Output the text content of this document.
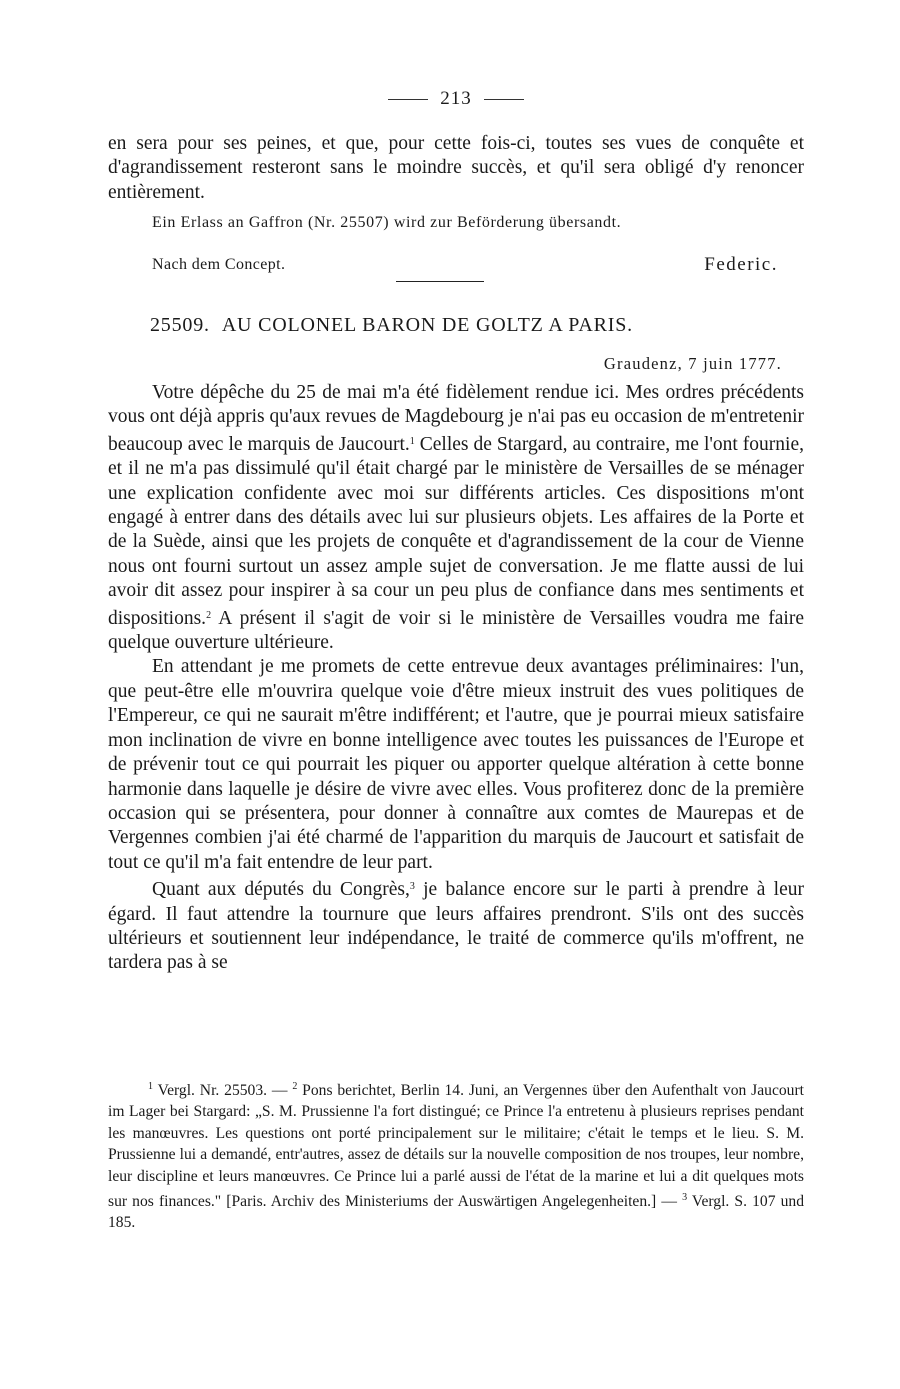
213

en sera pour ses peines, et que, pour cette fois-ci, toutes ses vues de conquête et d'agrandissement resteront sans le moindre succès, et qu'il sera obligé d'y renoncer entièrement.

Ein Erlass an Gaffron (Nr. 25507) wird zur Beförderung übersandt.
Nach dem Concept.	Federic.
25509. AU COLONEL BARON DE GOLTZ A PARIS.
Graudenz, 7 juin 1777.

Votre dépêche du 25 de mai m'a été fidèlement rendue ici. Mes ordres précédents vous ont déjà appris qu'aux revues de Magdebourg je n'ai pas eu occasion de m'entretenir beaucoup avec le marquis de Jaucourt.$^1$ Celles de Stargard, au contraire, me l'ont fournie, et il ne m'a pas dissimulé qu'il était chargé par le ministère de Versailles de se ménager une explication confidente avec moi sur différents articles. Ces dispositions m'ont engagé à entrer dans des détails avec lui sur plusieurs objets. Les affaires de la Porte et de la Suède, ainsi que les projets de conquête et d'agrandissement de la cour de Vienne nous ont fourni surtout un assez ample sujet de conversation. Je me flatte aussi de lui avoir dit assez pour inspirer à sa cour un peu plus de confiance dans mes sentiments et dispositions.$^2$ A présent il s'agit de voir si le ministère de Versailles voudra me faire quelque ouverture ultérieure.

En attendant je me promets de cette entrevue deux avantages préliminaires: l'un, que peut-être elle m'ouvrira quelque voie d'être mieux instruit des vues politiques de l'Empereur, ce qui ne saurait m'être indifférent; et l'autre, que je pourrai mieux satisfaire mon inclination de vivre en bonne intelligence avec toutes les puissances de l'Europe et de prévenir tout ce qui pourrait les piquer ou apporter quelque altération à cette bonne harmonie dans laquelle je désire de vivre avec elles. Vous profiterez donc de la première occasion qui se présentera, pour donner à connaître aux comtes de Maurepas et de Vergennes combien j'ai été charmé de l'apparition du marquis de Jaucourt et satisfait de tout ce qu'il m'a fait entendre de leur part.

Quant aux députés du Congrès,$^3$ je balance encore sur le parti à prendre à leur égard. Il faut attendre la tournure que leurs affaires prendront. S'ils ont des succès ultérieurs et soutiennent leur indépendance, le traité de commerce qu'ils m'offrent, ne tardera pas à se

$^1$ Vergl. Nr. 25503. — $^2$ Pons berichtet, Berlin 14. Juni, an Vergennes über den Aufenthalt von Jaucourt im Lager bei Stargard: „S. M. Prussienne l'a fort distingué; ce Prince l'a entretenu à plusieurs reprises pendant les manœuvres. Les questions ont porté principalement sur le militaire; c'était le temps et le lieu. S. M. Prussienne lui a demandé, entr'autres, assez de détails sur la nouvelle composition de nos troupes, leur nombre, leur discipline et leurs manœuvres. Ce Prince lui a parlé aussi de l'état de la marine et lui a dit quelques mots sur nos finances." [Paris. Archiv des Ministeriums der Auswärtigen Angelegenheiten.] — $^3$ Vergl. S. 107 und 185.
